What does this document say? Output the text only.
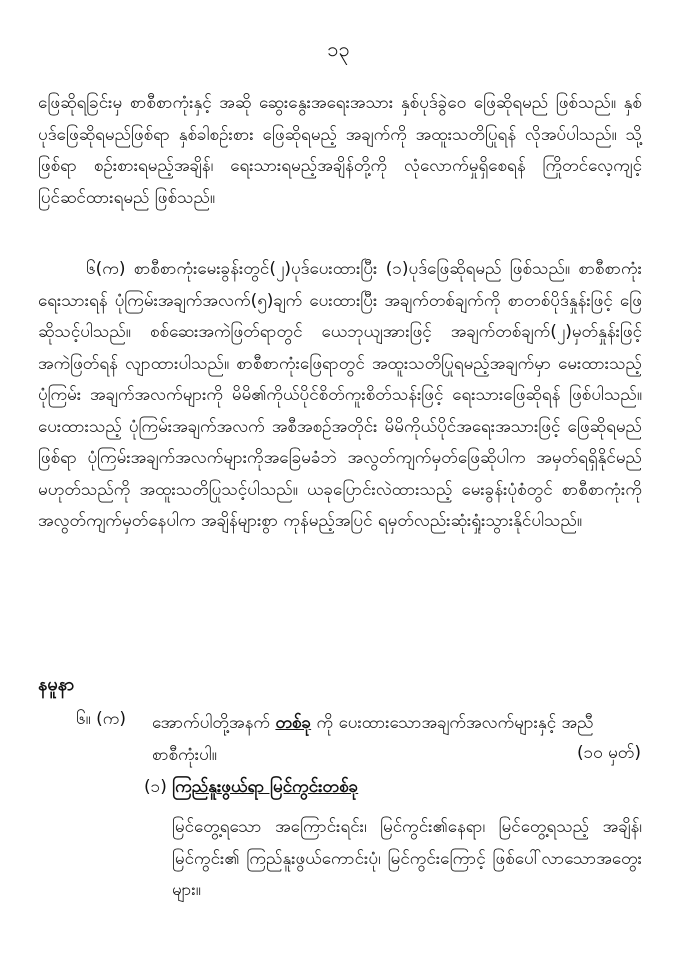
၁၃

ဖြေဆိုရခြင်းမှ စာစီစာကုံးနှင့် အဆို ဆွေးနွေးအရေးအသား နှစ်ပုဒ်ခွဲဝေ ဖြေဆိုရမည် ဖြစ်သည်။ နှစ်ပုဒ်ဖြေဆိုရမည်ဖြစ်ရာ နှစ်ခါစဉ်းစား ဖြေဆိုရမည့် အချက်ကို အထူးသတိပြုရန် လိုအပ်ပါသည်။ သို့ဖြစ်ရာ စဉ်းစားရမည့်အချိန်၊ ရေးသားရမည့်အချိန်တို့ကို လုံလောက်မှုရှိစေရန် ကြိုတင်လေ့ကျင့်ပြင်ဆင်ထားရမည် ဖြစ်သည်။

၆(က) စာစီစာကုံးမေးခွန်းတွင်(၂)ပုဒ်ပေးထားပြီး (၁)ပုဒ်ဖြေဆိုရမည် ဖြစ်သည်။ စာစီစာကုံး ရေးသားရန် ပုံကြမ်းအချက်အလက်(၅)ချက် ပေးထားပြီး အချက်တစ်ချက်ကို စာတစ်ပိုဒ်နှုန်းဖြင့် ဖြေဆိုသင့်ပါသည်။ စစ်ဆေးအကဲဖြတ်ရာတွင် ယေဘုယျအားဖြင့် အချက်တစ်ချက်(၂)မှတ်နှုန်းဖြင့် အကဲဖြတ်ရန် လျာထားပါသည်။ စာစီစာကုံးဖြေရာတွင် အထူးသတိပြုရမည့်အချက်မှာ မေးထားသည့် ပုံကြမ်း အချက်အလက်များကို မိမိ၏ကိုယ်ပိုင်စိတ်ကူးစိတ်သန်းဖြင့် ရေးသားဖြေဆိုရန် ဖြစ်ပါသည်။ ပေးထားသည့် ပုံကြမ်းအချက်အလက် အစီအစဉ်အတိုင်း မိမိကိုယ်ပိုင်အရေးအသားဖြင့် ဖြေဆိုရမည်ဖြစ်ရာ ပုံကြမ်းအချက်အလက်များကိုအခြေမခံဘဲ အလွတ်ကျက်မှတ်ဖြေဆိုပါက အမှတ်ရရှိနိုင်မည် မဟုတ်သည်ကို အထူးသတိပြုသင့်ပါသည်။ ယခုပြောင်းလဲထားသည့် မေးခွန်းပုံစံတွင် စာစီစာကုံးကို အလွတ်ကျက်မှတ်နေပါက အချိန်များစွာ ကုန်မည့်အပြင် ရမှတ်လည်းဆုံးရှုံးသွားနိုင်ပါသည်။

နမူနာ

၆။ (က) အောက်ပါတို့အနက် တစ်ခု ကို ပေးထားသောအချက်အလက်များနှင့် အညီ စာစီကုံးပါ။	(၁၀ မှတ်)

(၁) ကြည်နူးဖွယ်ရာ မြင်ကွင်းတစ်ခု

မြင်တွေ့ရသော အကြောင်းရင်း၊ မြင်ကွင်း၏နေရာ၊ မြင်တွေ့ရသည့် အချိန်၊ မြင်ကွင်း၏ ကြည်နူးဖွယ်ကောင်းပုံ၊ မြင်ကွင်းကြောင့် ဖြစ်ပေါ်လာသောအတွေးများ။
